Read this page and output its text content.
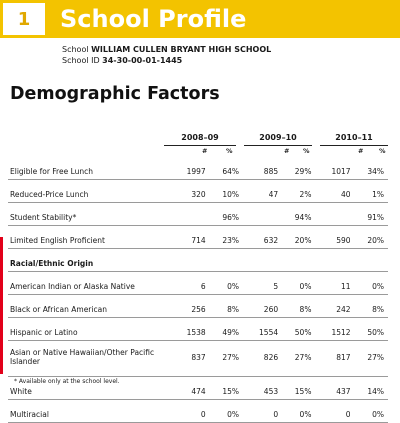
1	School Profile
School WILLIAM CULLEN BRYANT HIGH SCHOOL
School ID 34-30-00-01-1445
Demographic Factors
2008–09	2009–10	2010–11
#	%	# %	# %
Eligible for Free Lunch	1997	64%		885	29%		1017	34%
Reduced-Price Lunch	320	10%		47	2%		40	1%
Student Stability*		96%			94%			91%
Limited English Proficient	714	23%		632	20%		590	20%
Racial/Ethnic Origin								
American Indian or Alaska Native	6	0%		5	0%		11	0%
Black or African American	256	8%		260	8%		242	8%
Hispanic or Latino	1538	49%		1554	50%		1512	50%
Asian or Native Hawaiian/Other Pacific Islander	837	27%		826	27%		817	27%
White	474	15%		453	15%		437	14%
Multiracial	0	0%		0	0%		0	0%
* Available only at the school level.
